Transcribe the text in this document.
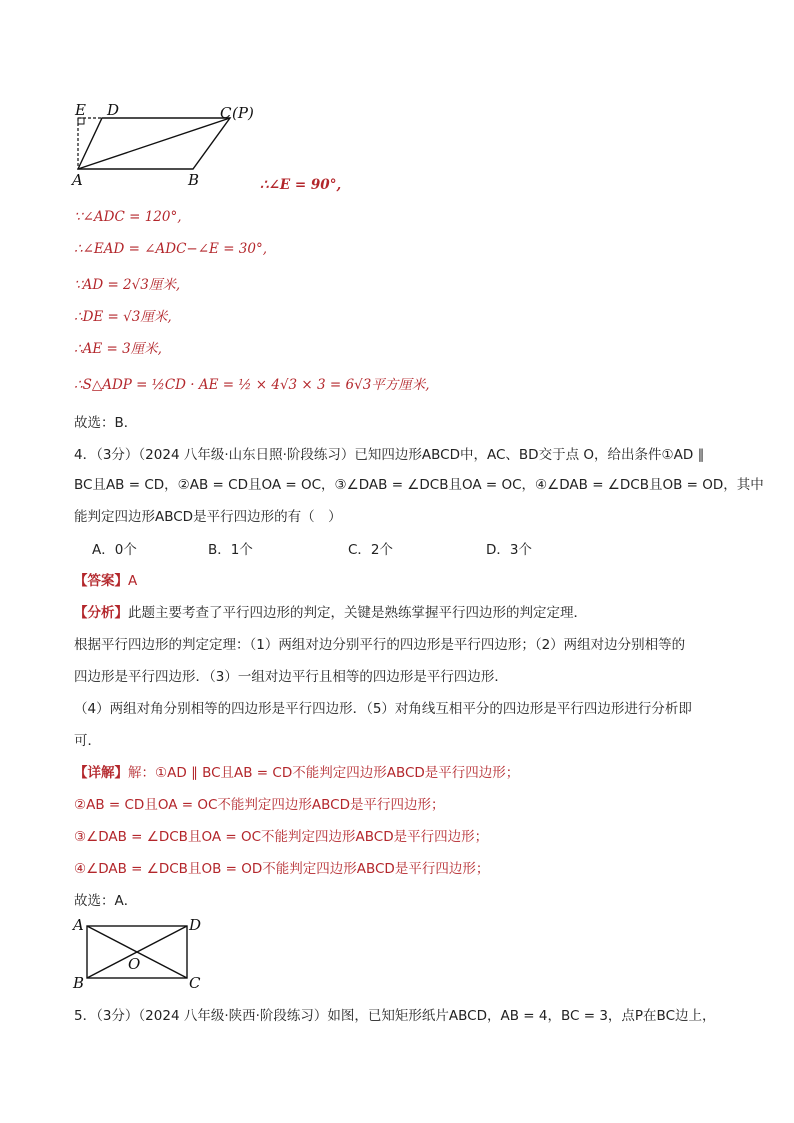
E D	C (P)
A	B	∴∠E = 90°,
∵∠ADC = 120°,
∴∠EAD = ∠ADC−∠E = 30°,
∵AD = 2√3厘米,
∴DE = √3厘米,
∴AE = 3厘米,
∴S△ADP = ½CD · AE = ½ × 4√3 × 3 = 6√3平方厘米,
故选：B．
4．（3分）（2024 八年级·山东日照·阶段练习）已知四边形ABCD中，AC、BD交于点 O，给出条件①AD ∥
BC且AB = CD，②AB = CD且OA = OC，③∠DAB = ∠DCB且OA = OC，④∠DAB = ∠DCB且OB = OD，其中
能判定四边形ABCD是平行四边形的有（　）
A．0个	B．1个	C．2个	D．3个
【答案】A
【分析】此题主要考查了平行四边形的判定，关键是熟练掌握平行四边形的判定定理．
根据平行四边形的判定定理：（1）两组对边分别平行的四边形是平行四边形；（2）两组对边分别相等的
四边形是平行四边形．（3）一组对边平行且相等的四边形是平行四边形．
（4）两组对角分别相等的四边形是平行四边形．（5）对角线互相平分的四边形是平行四边形进行分析即
可．
【详解】解：①AD ∥ BC且AB = CD不能判定四边形ABCD是平行四边形；
②AB = CD且OA = OC不能判定四边形ABCD是平行四边形；
③∠DAB = ∠DCB且OA = OC不能判定四边形ABCD是平行四边形；
④∠DAB = ∠DCB且OB = OD不能判定四边形ABCD是平行四边形；
故选：A．
A	D
O
B	C
5．（3分）（2024 八年级·陕西·阶段练习）如图，已知矩形纸片ABCD，AB = 4，BC = 3，点P在BC边上，
